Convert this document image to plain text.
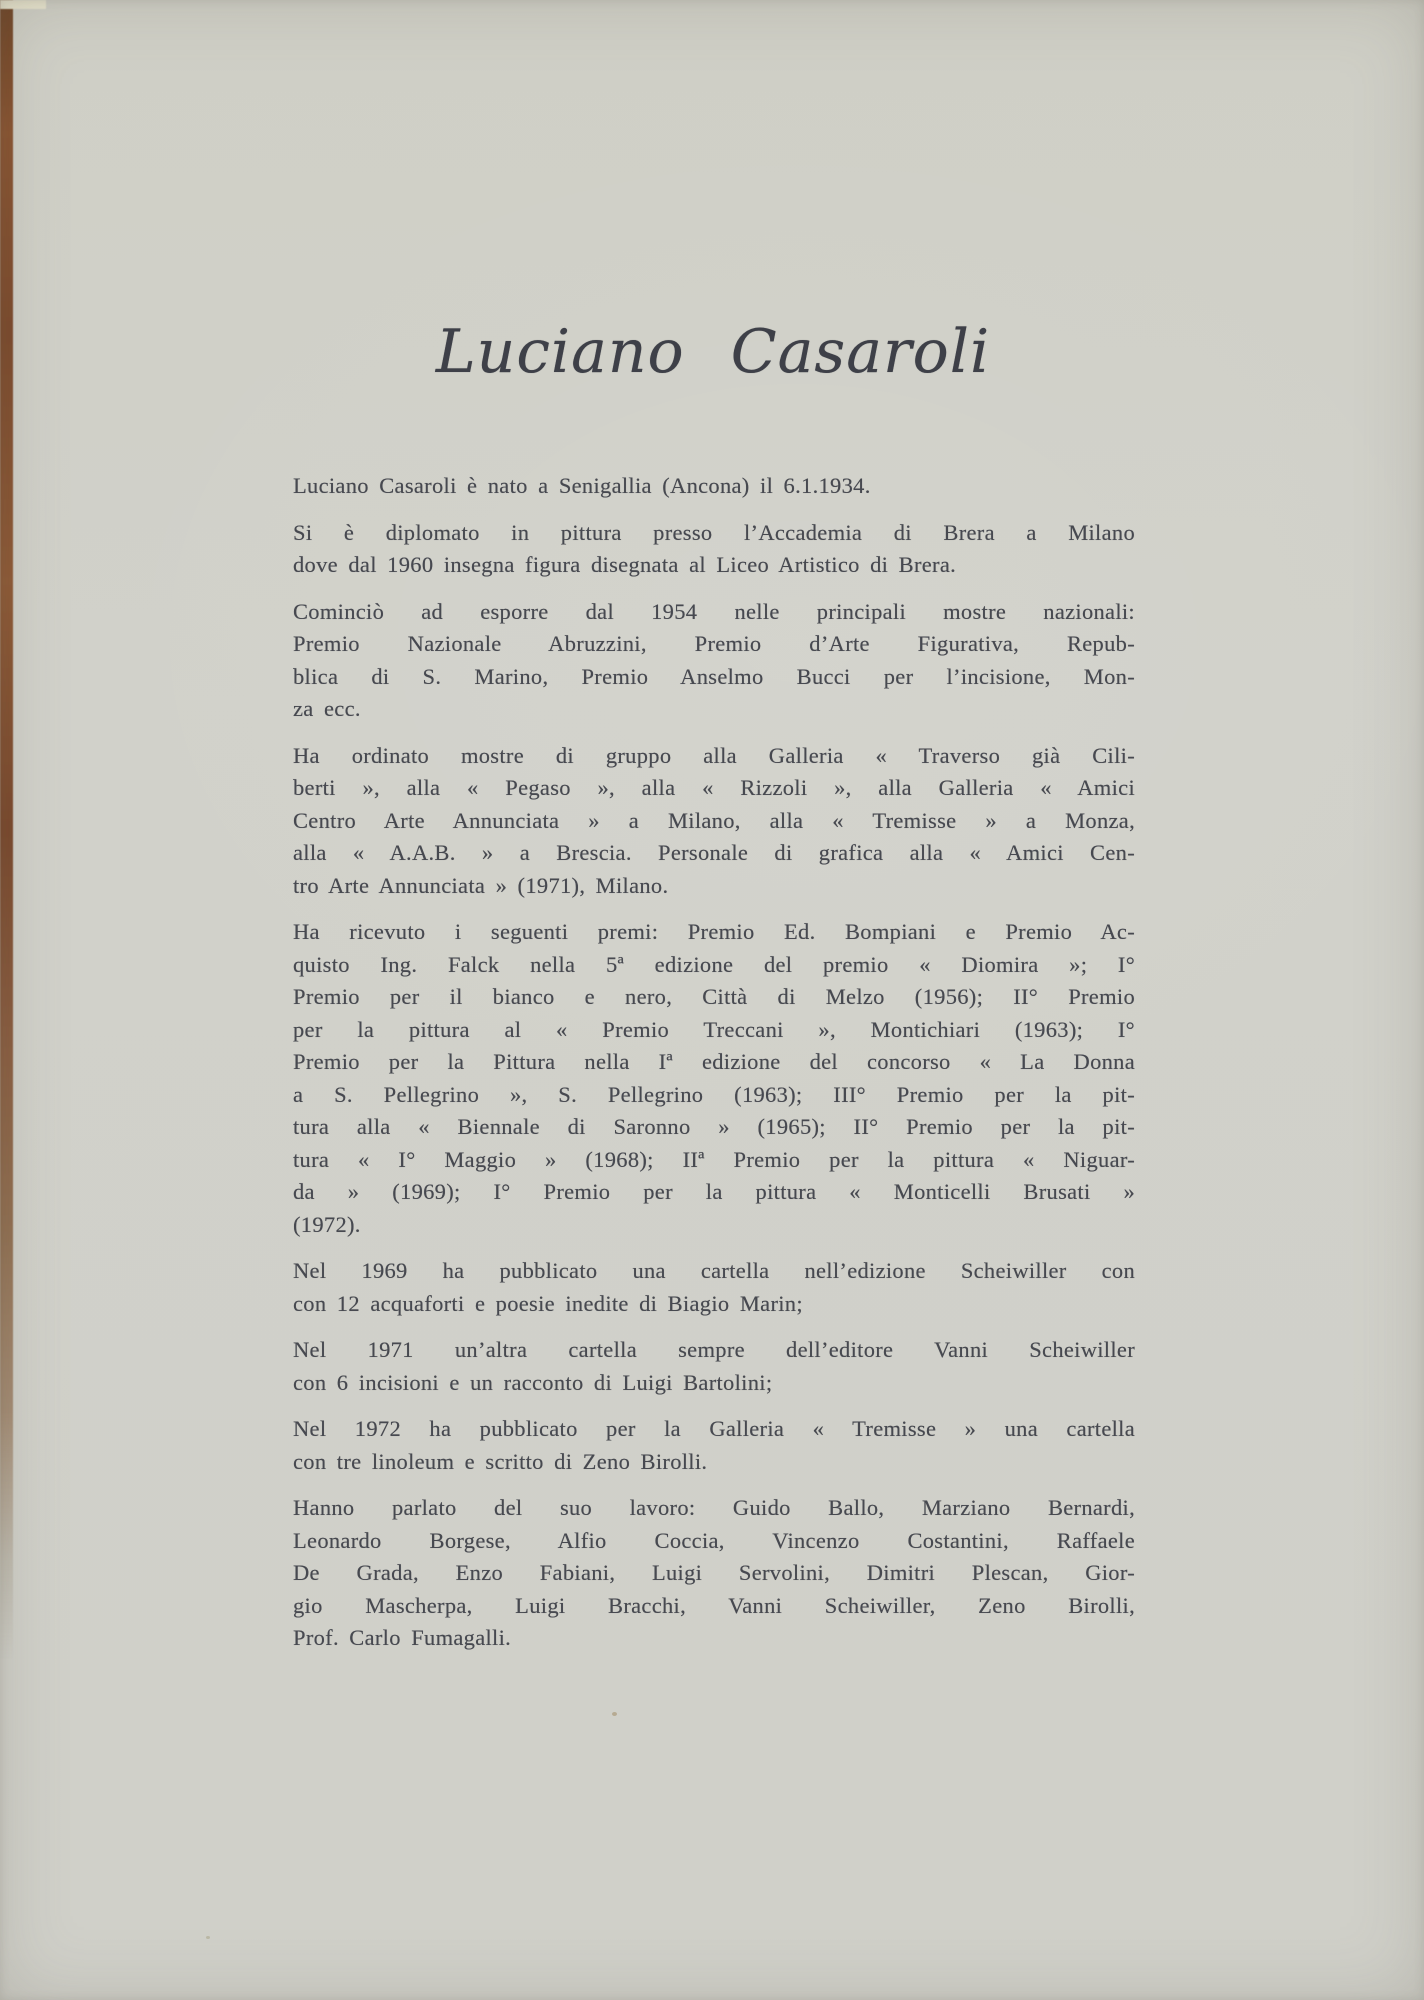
Luciano Casaroli

Luciano Casaroli è nato a Senigallia (Ancona) il 6.1.1934.

Si è diplomato in pittura presso l’Accademia di Brera a Milano
dove dal 1960 insegna figura disegnata al Liceo Artistico di Brera.

Cominciò ad esporre dal 1954 nelle principali mostre nazionali:
Premio Nazionale Abruzzini, Premio d’Arte Figurativa, Repub-
blica di S. Marino, Premio Anselmo Bucci per l’incisione, Mon-
za ecc.

Ha ordinato mostre di gruppo alla Galleria « Traverso già Cili-
berti », alla « Pegaso », alla « Rizzoli », alla Galleria « Amici
Centro Arte Annunciata » a Milano, alla « Tremisse » a Monza,
alla « A.A.B. » a Brescia. Personale di grafica alla « Amici Cen-
tro Arte Annunciata » (1971), Milano.

Ha ricevuto i seguenti premi: Premio Ed. Bompiani e Premio Ac-
quisto Ing. Falck nella 5ª edizione del premio « Diomira »; I°
Premio per il bianco e nero, Città di Melzo (1956); II° Premio
per la pittura al « Premio Treccani », Montichiari (1963); I°
Premio per la Pittura nella Iª edizione del concorso « La Donna
a S. Pellegrino », S. Pellegrino (1963); III° Premio per la pit-
tura alla « Biennale di Saronno » (1965); II° Premio per la pit-
tura « I° Maggio » (1968); IIª Premio per la pittura « Niguar-
da » (1969); I° Premio per la pittura « Monticelli Brusati »
(1972).

Nel 1969 ha pubblicato una cartella nell’edizione Scheiwiller con
con 12 acquaforti e poesie inedite di Biagio Marin;

Nel 1971 un’altra cartella sempre dell’editore Vanni Scheiwiller
con 6 incisioni e un racconto di Luigi Bartolini;

Nel 1972 ha pubblicato per la Galleria « Tremisse » una cartella
con tre linoleum e scritto di Zeno Birolli.

Hanno parlato del suo lavoro: Guido Ballo, Marziano Bernardi,
Leonardo Borgese, Alfio Coccia, Vincenzo Costantini, Raffaele
De Grada, Enzo Fabiani, Luigi Servolini, Dimitri Plescan, Gior-
gio Mascherpa, Luigi Bracchi, Vanni Scheiwiller, Zeno Birolli,
Prof. Carlo Fumagalli.
